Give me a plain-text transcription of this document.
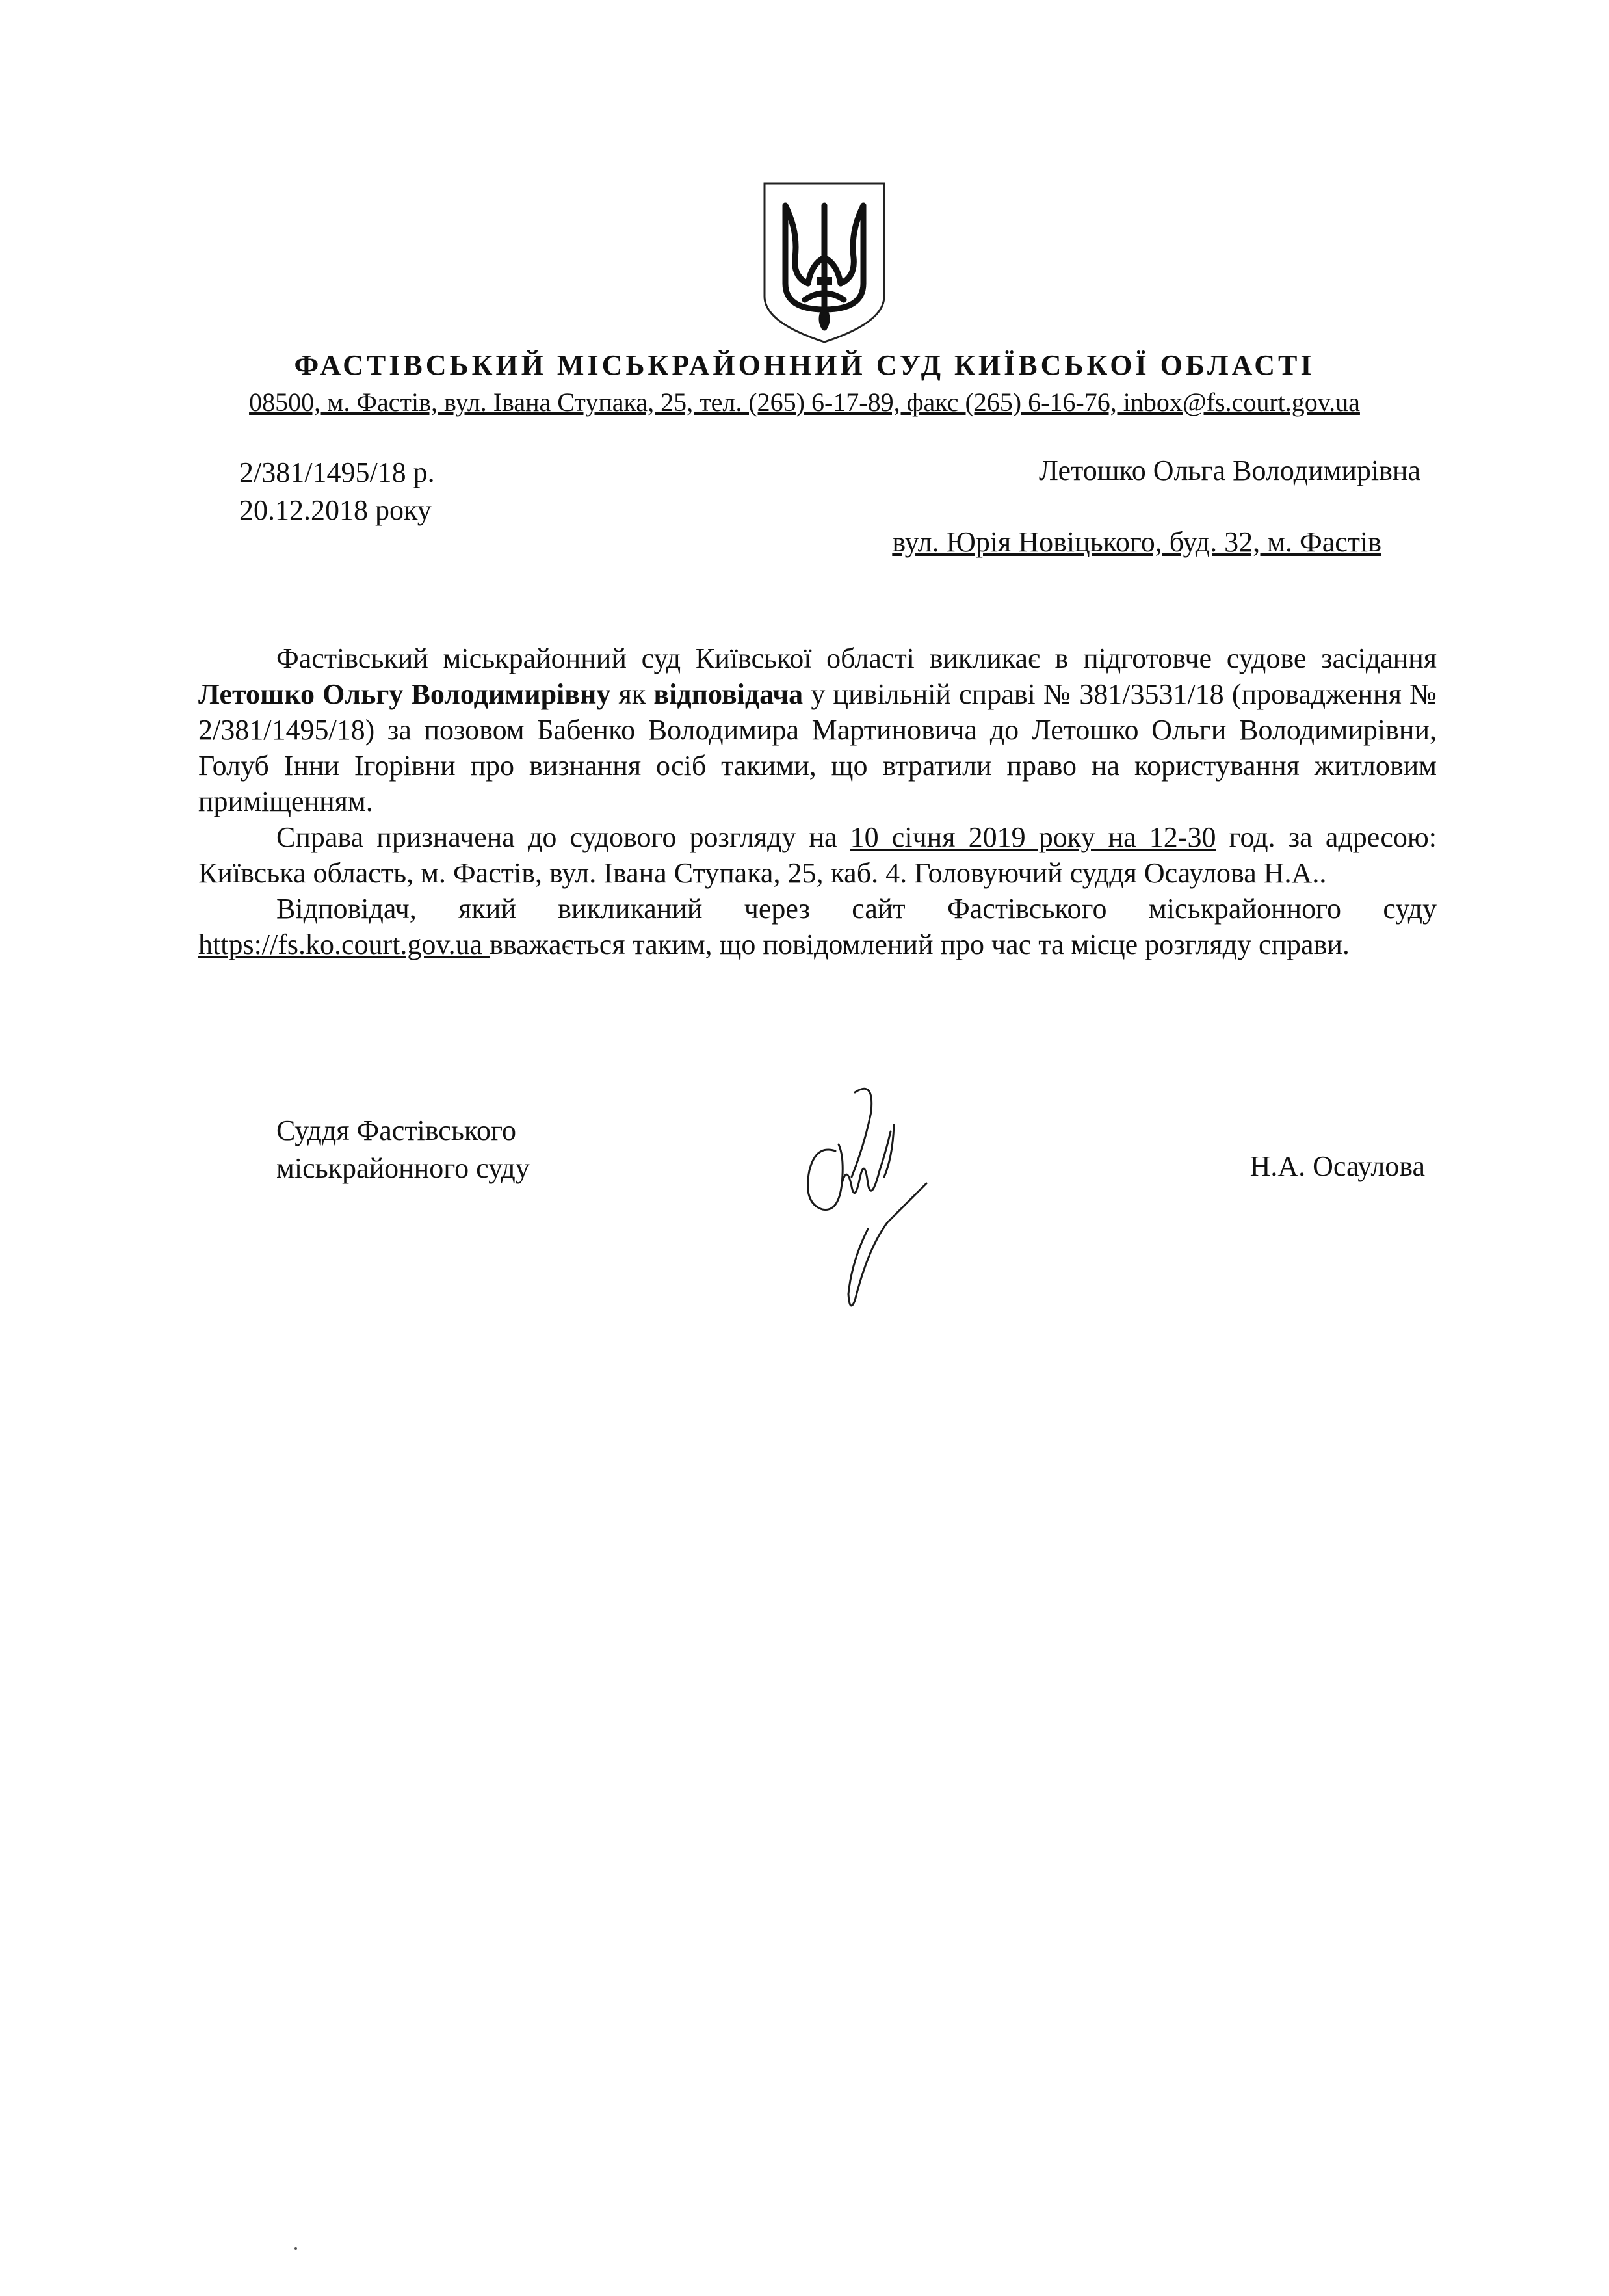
ФАСТІВСЬКИЙ МІСЬКРАЙОННИЙ СУД КИЇВСЬКОЇ ОБЛАСТІ
08500, м. Фастів, вул. Івана Ступака, 25, тел. (265) 6-17-89, факс (265) 6-16-76, inbox@fs.court.gov.ua
2/381/1495/18 р.
20.12.2018 року
Летошко Ольга Володимирівна
вул. Юрія Новіцького, буд. 32, м. Фастів

Фастівський міськрайонний суд Київської області викликає в підготовче судове засідання Летошко Ольгу Володимирівну як відповідача у цивільній справі № 381/3531/18 (провадження № 2/381/1495/18) за позовом Бабенко Володимира Мартиновича до Летошко Ольги Володимирівни, Голуб Інни Ігорівни про визнання осіб такими, що втратили право на користування житловим приміщенням.

Справа призначена до судового розгляду на 10 січня 2019 року на 12-30 год. за адресою: Київська область, м. Фастів, вул. Івана Ступака, 25, каб. 4. Головуючий суддя Осаулова Н.А..

Відповідач, який викликаний через сайт Фастівського міськрайонного суду https://fs.ko.court.gov.ua вважається таким, що повідомлений про час та місце розгляду справи.

Суддя Фастівського
міськрайонного суду	Н.А. Осаулова
